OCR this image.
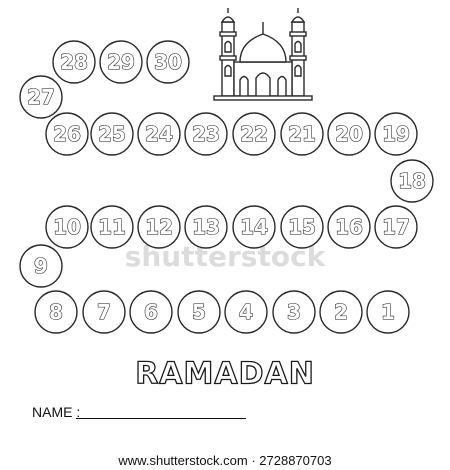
1
2
3
4
5
6
7
8
9
10 11 12 13 14 15 16 17
18
19
20
21
22
23
24
25
26
27
28 29 30
RAMADAN
shutterstock
NAME :
www.shutterstock.com · 2728870703
